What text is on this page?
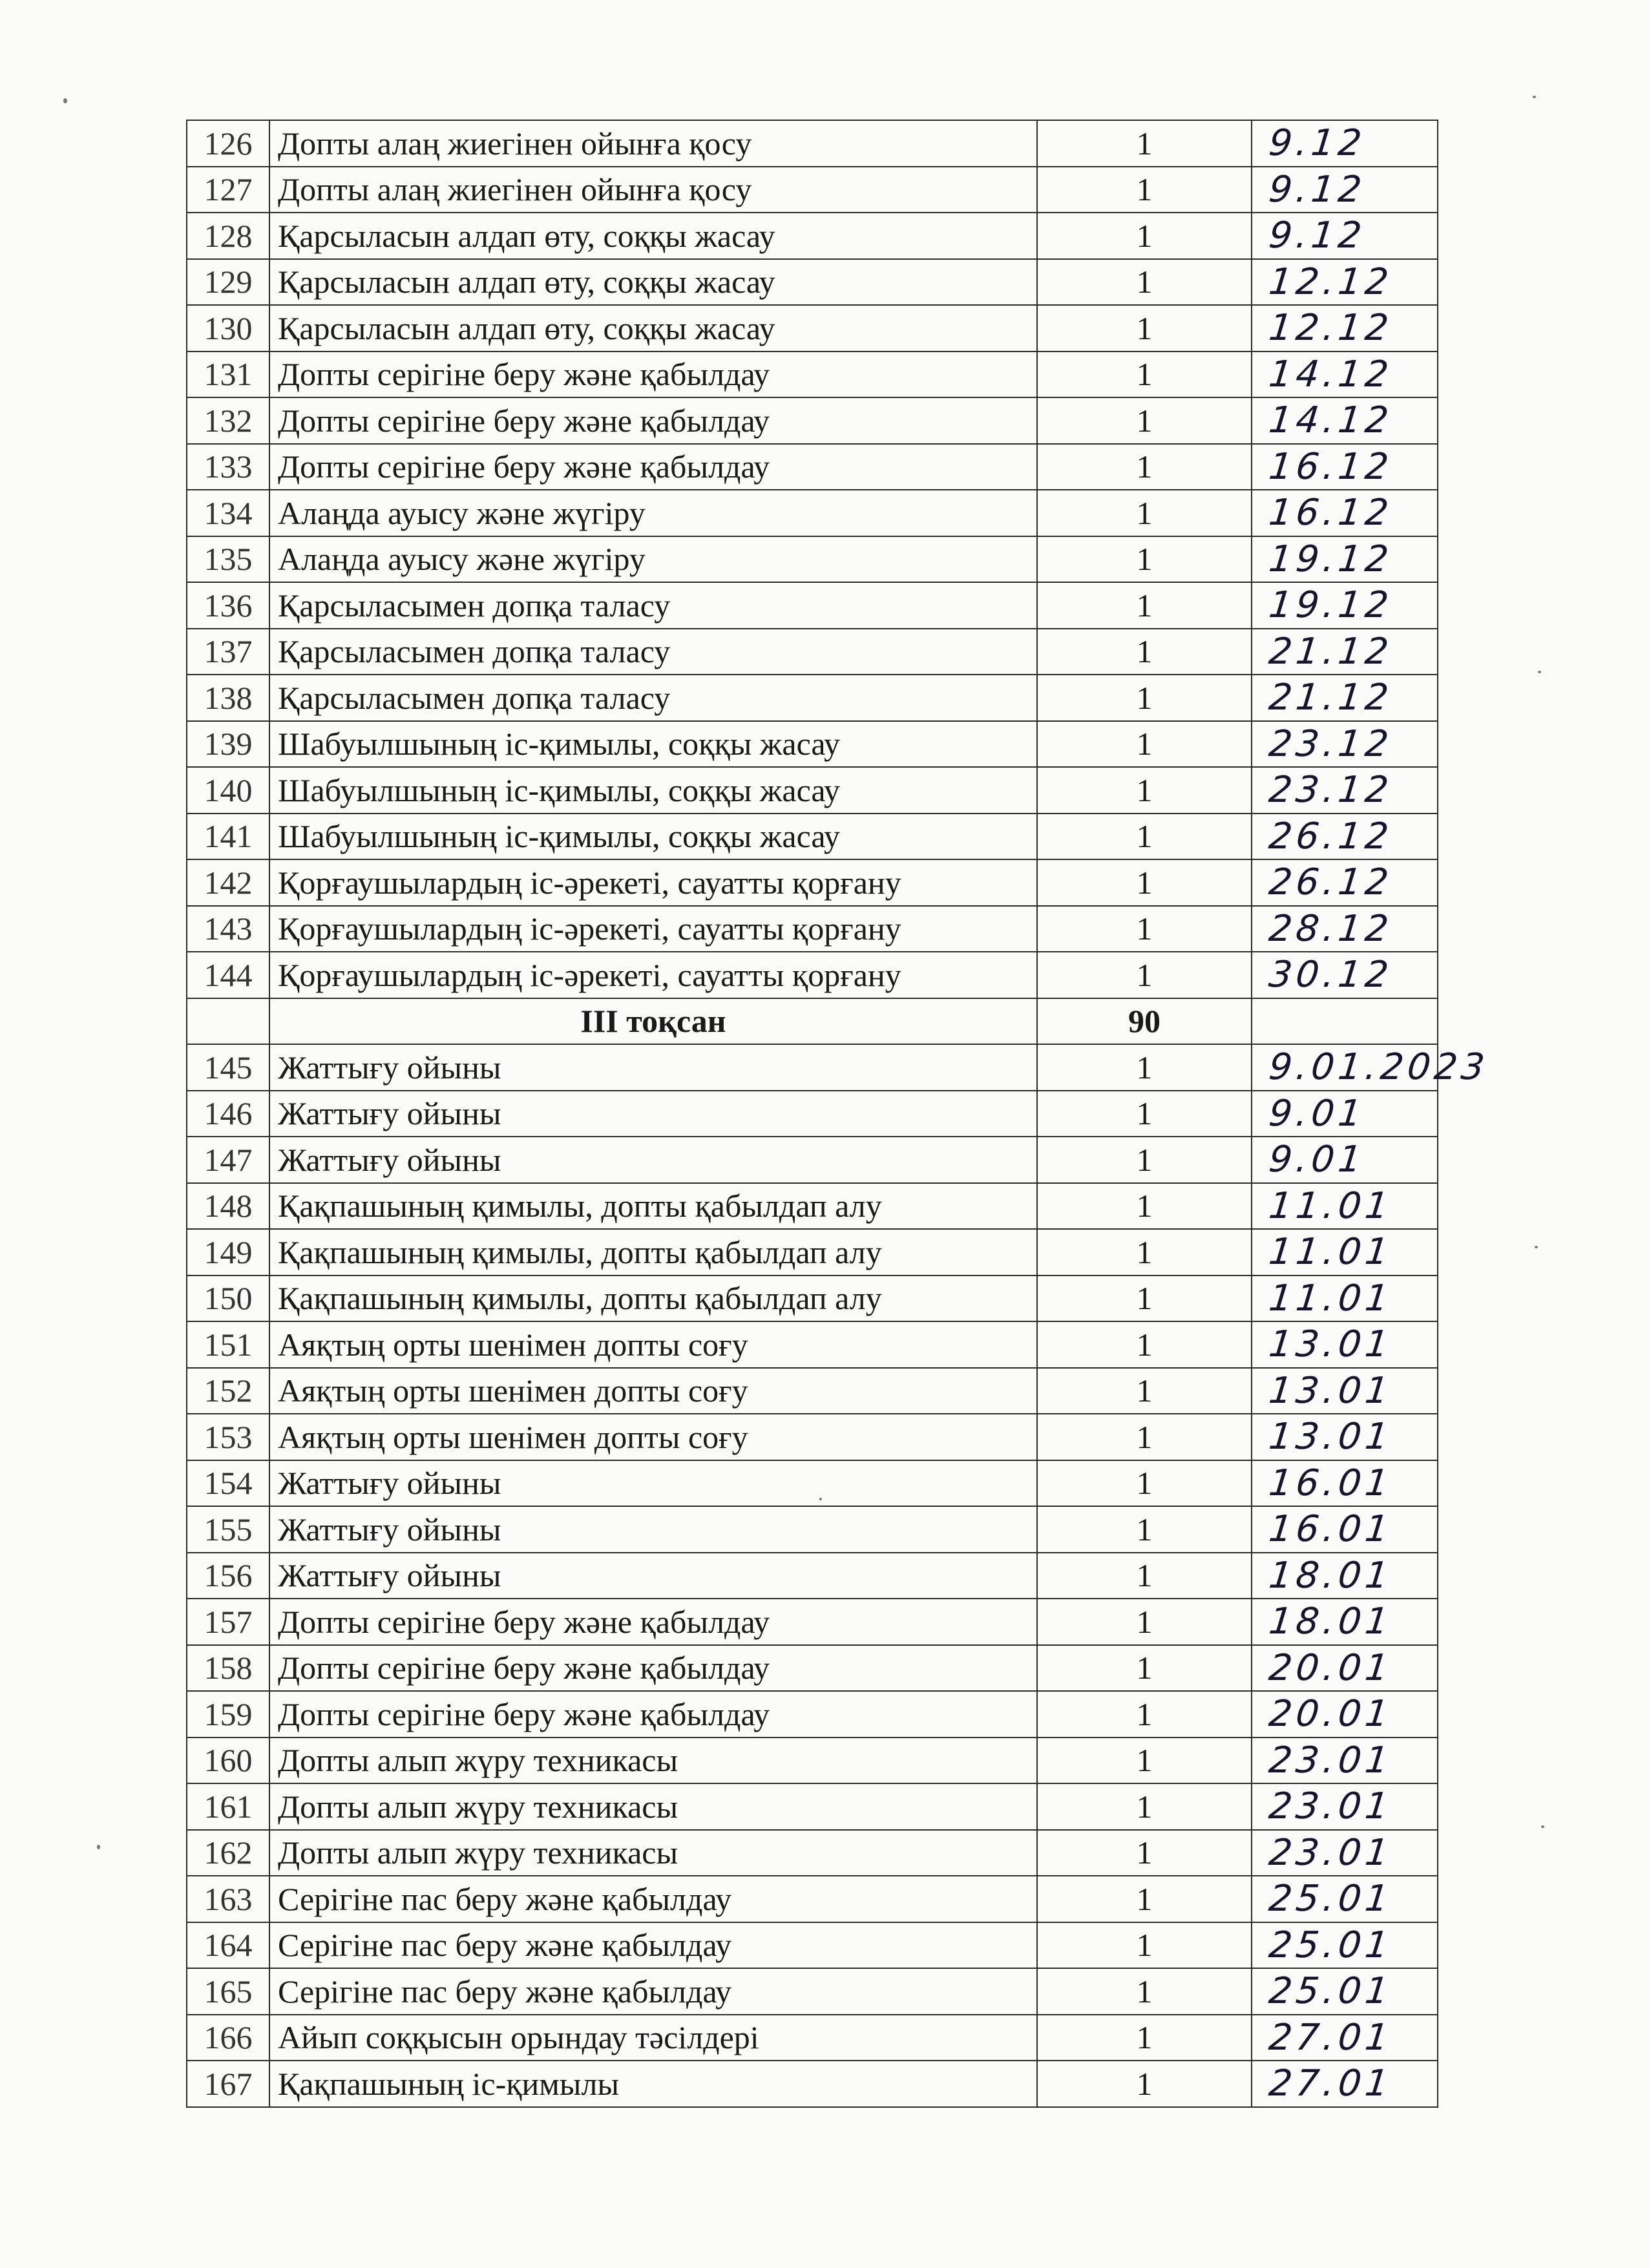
126	Допты алаң жиегінен ойынға қосу	1	9.12
127	Допты алаң жиегінен ойынға қосу	1	9.12
128	Қарсыласын алдап өту, соққы жасау	1	9.12
129	Қарсыласын алдап өту, соққы жасау	1	12.12
130	Қарсыласын алдап өту, соққы жасау	1	12.12
131	Допты серігіне беру және қабылдау	1	14.12
132	Допты серігіне беру және қабылдау	1	14.12
133	Допты серігіне беру және қабылдау	1	16.12
134	Алаңда ауысу және жүгіру	1	16.12
135	Алаңда ауысу және жүгіру	1	19.12
136	Қарсыласымен допқа таласу	1	19.12
137	Қарсыласымен допқа таласу	1	21.12
138	Қарсыласымен допқа таласу	1	21.12
139	Шабуылшының іс-қимылы, соққы жасау	1	23.12
140	Шабуылшының іс-қимылы, соққы жасау	1	23.12
141	Шабуылшының іс-қимылы, соққы жасау	1	26.12
142	Қорғаушылардың іс-әрекеті, сауатты қорғану	1	26.12
143	Қорғаушылардың іс-әрекеті, сауатты қорғану	1	28.12
144	Қорғаушылардың іс-әрекеті, сауатты қорғану	1	30.12
	ІІІ тоқсан	90	
145	Жаттығу ойыны	1	9.01.2023
146	Жаттығу ойыны	1	9.01
147	Жаттығу ойыны	1	9.01
148	Қақпашының қимылы, допты қабылдап алу	1	11.01
149	Қақпашының қимылы, допты қабылдап алу	1	11.01
150	Қақпашының қимылы, допты қабылдап алу	1	11.01
151	Аяқтың орты шенімен допты соғу	1	13.01
152	Аяқтың орты шенімен допты соғу	1	13.01
153	Аяқтың орты шенімен допты соғу	1	13.01
154	Жаттығу ойыны	1	16.01
155	Жаттығу ойыны	1	16.01
156	Жаттығу ойыны	1	18.01
157	Допты серігіне беру және қабылдау	1	18.01
158	Допты серігіне беру және қабылдау	1	20.01
159	Допты серігіне беру және қабылдау	1	20.01
160	Допты алып жүру техникасы	1	23.01
161	Допты алып жүру техникасы	1	23.01
162	Допты алып жүру техникасы	1	23.01
163	Серігіне пас беру және қабылдау	1	25.01
164	Серігіне пас беру және қабылдау	1	25.01
165	Серігіне пас беру және қабылдау	1	25.01
166	Айып соққысын орындау тәсілдері	1	27.01
167	Қақпашының іс-қимылы	1	27.01
